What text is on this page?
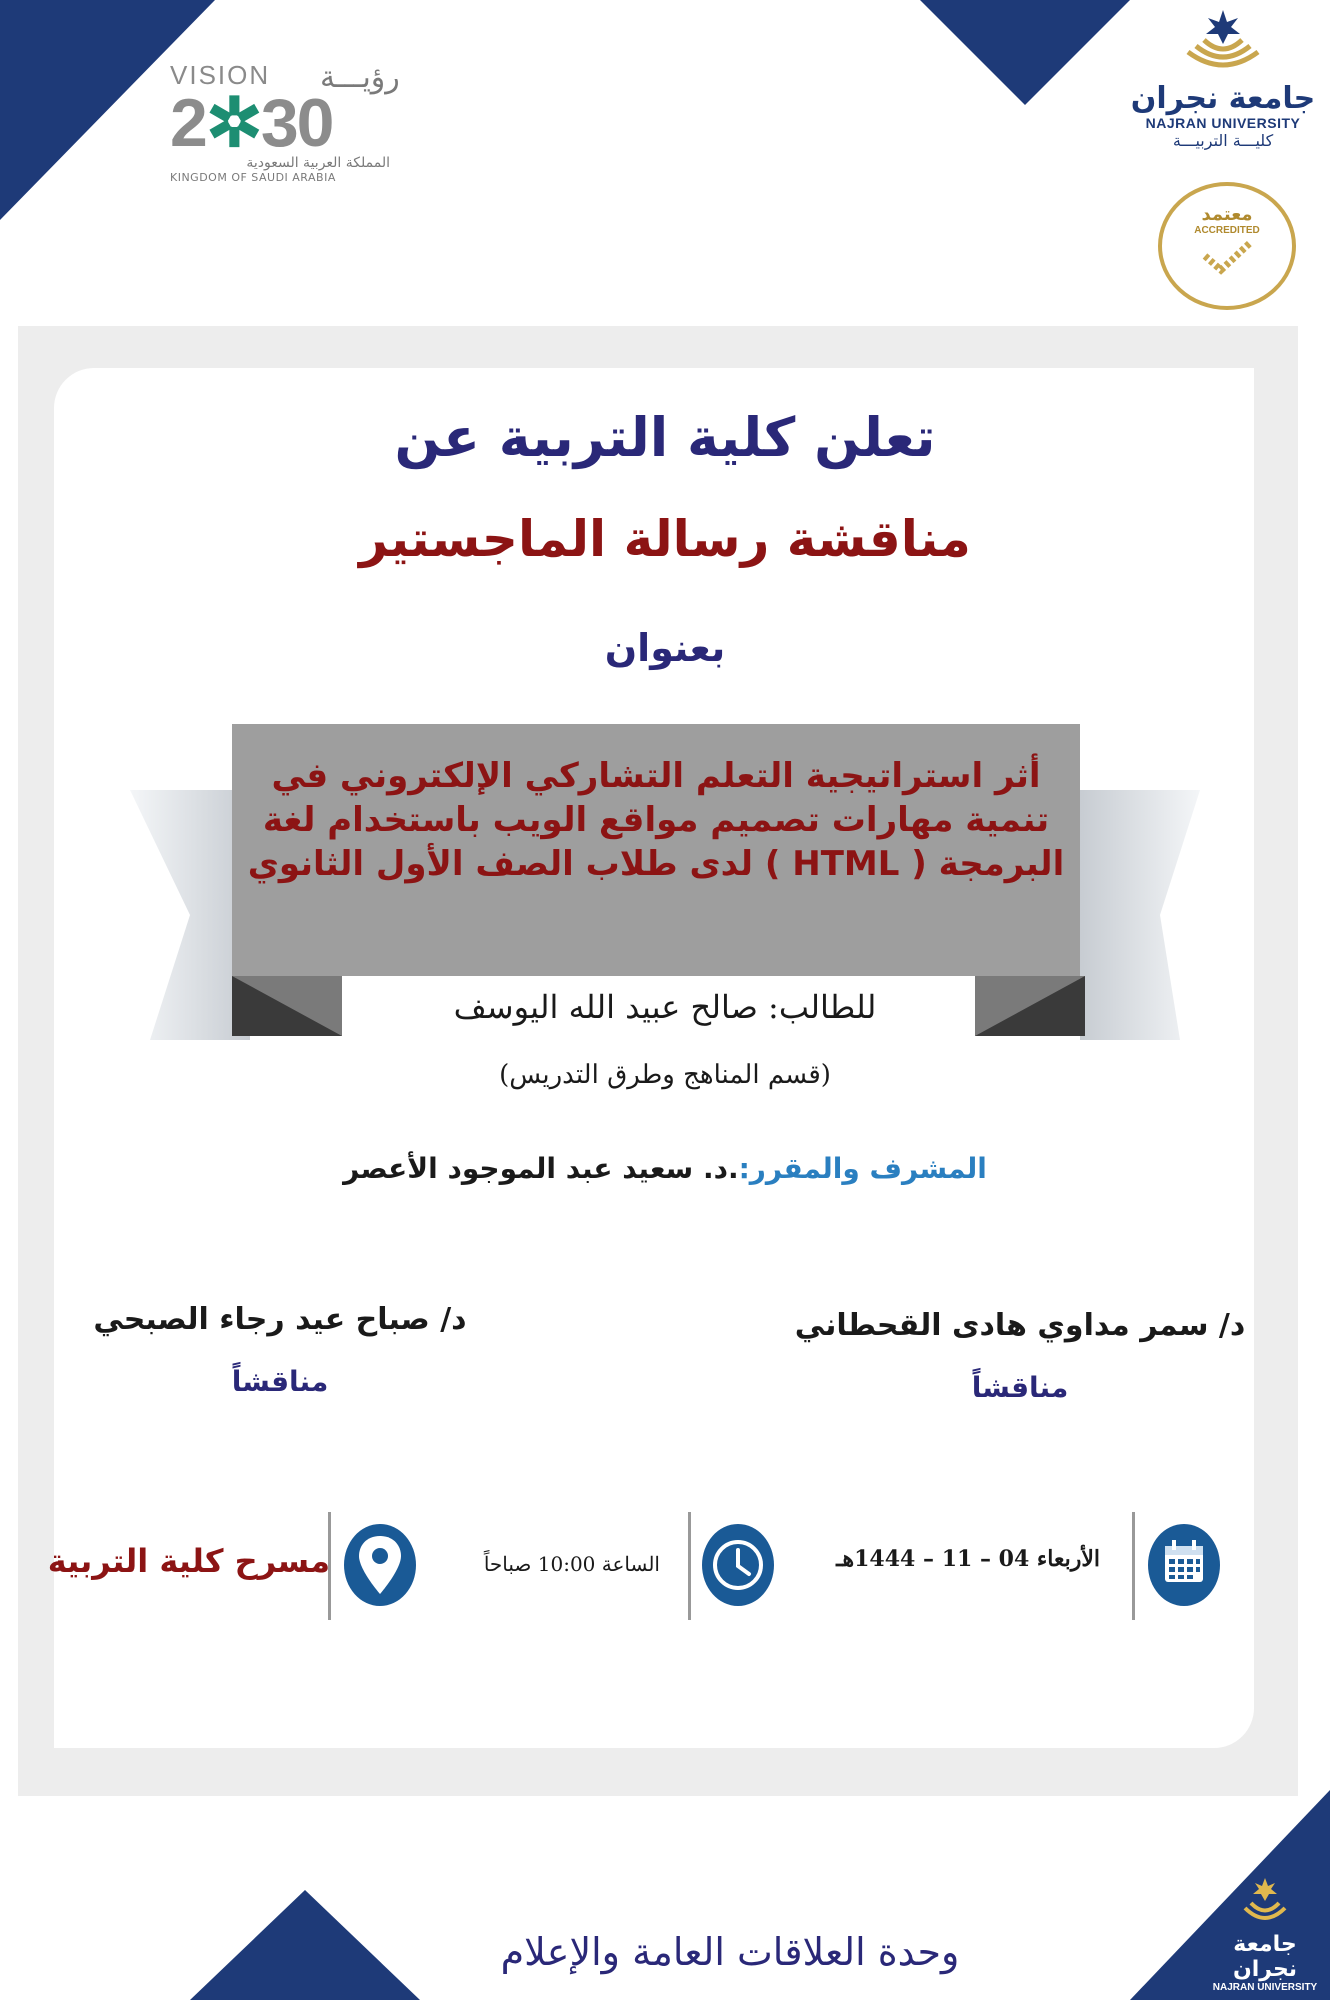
VISION	رؤيـــة
2✲30
المملكة العربية السعودية
KINGDOM OF SAUDI ARABIA
جامعة نجران
NAJRAN UNIVERSITY
كليـــة التربيـــة
معتمد
ACCREDITED
تعلن كلية التربية عن
مناقشة رسالة الماجستير
بعنوان
أثر استراتيجية التعلم التشاركي الإلكتروني في
تنمية مهارات تصميم مواقع الويب باستخدام لغة
البرمجة ( HTML ) لدى طلاب الصف الأول الثانوي
للطالب: صالح عبيد الله اليوسف
(قسم المناهج وطرق التدريس)
المشرف والمقرر:.د. سعيد عبد الموجود الأعصر
د/ سمر مداوي هادى القحطاني
مناقشاً
د/ صباح عيد رجاء الصبحي
مناقشاً
الأربعاء 04 – 11 – 1444هـ
الساعة 10:00 صباحاً
مسرح كلية التربية
وحدة العلاقات العامة والإعلام	جامعة نجران
NAJRAN UNIVERSITY
